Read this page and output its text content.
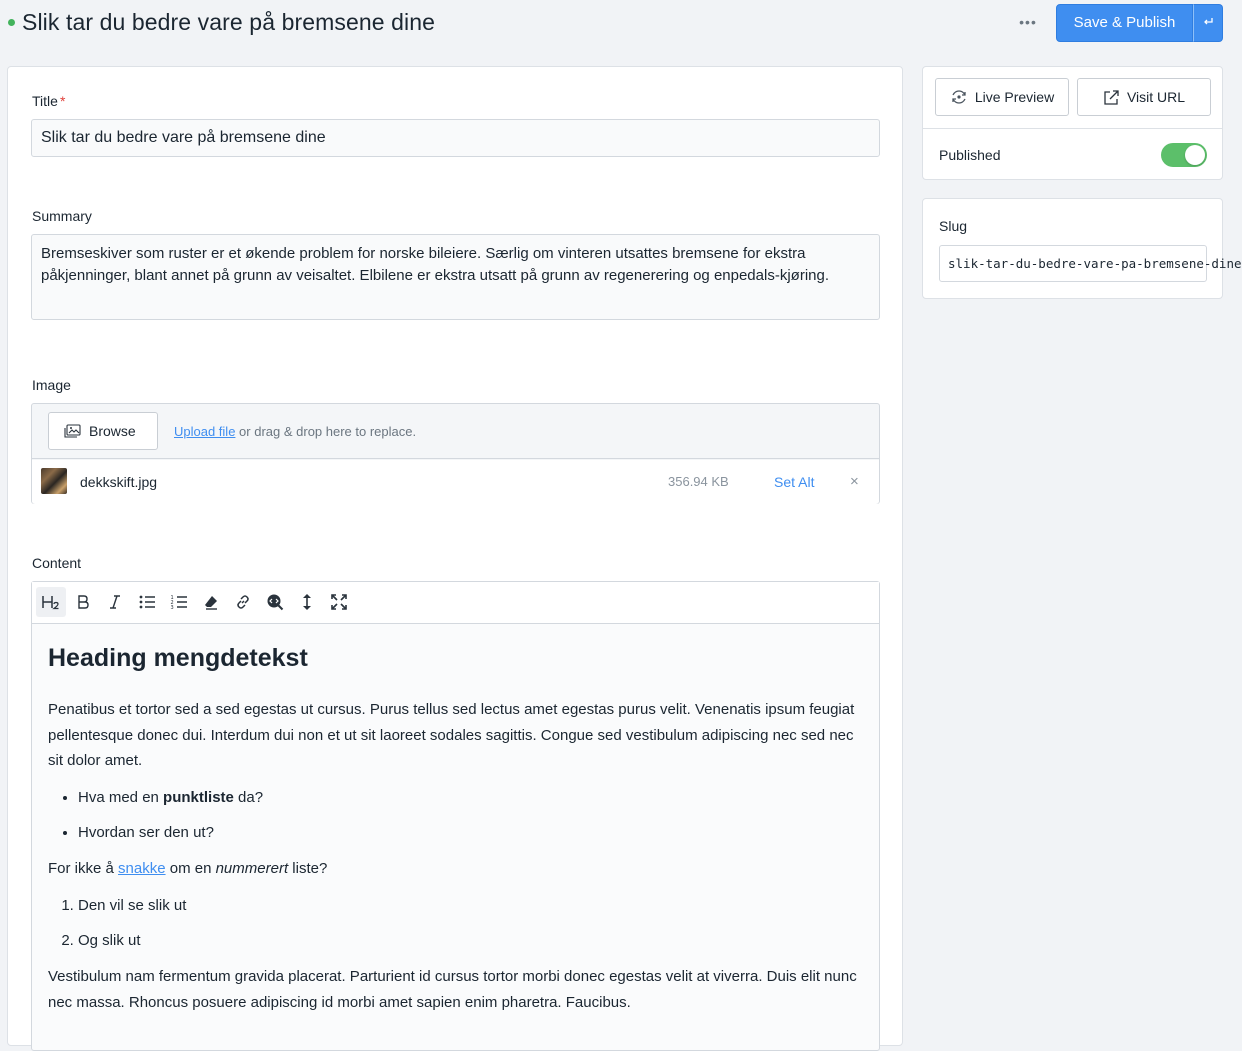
Slik tar du bedre vare på bremsene dine	•••	Save & Publish
Title *
Slik tar du bedre vare på bremsene dine
Summary
Bremseskiver som ruster er et økende problem for norske bileiere. Særlig om vinteren utsattes bremsene for ekstra påkjenninger, blant annet på grunn av veisaltet. Elbilene er ekstra utsatt på grunn av regenerering og enpedals-kjøring.
Image
Browse	Upload file or drag & drop here to replace.
dekkskift.jpg	356.94 KB	Set Alt ×
Content
1
2
3
Heading mengdetekst

Penatibus et tortor sed a sed egestas ut cursus. Purus tellus sed lectus amet egestas purus velit. Venenatis ipsum feugiat pellentesque donec dui. Interdum dui non et ut sit laoreet sodales sagittis. Congue sed vestibulum adipiscing nec sed nec sit dolor amet.

• Hva med en punktliste da?
• Hvordan ser den ut?

For ikke å snakke om en nummerert liste?

1. Den vil se slik ut
2. Og slik ut

Vestibulum nam fermentum gravida placerat. Parturient id cursus tortor morbi donec egestas velit at viverra. Duis elit nunc nec massa. Rhoncus posuere adipiscing id morbi amet sapien enim pharetra. Faucibus.

Live Preview	Visit URL
Published
Slug
slik-tar-du-bedre-vare-pa-bremsene-dine
